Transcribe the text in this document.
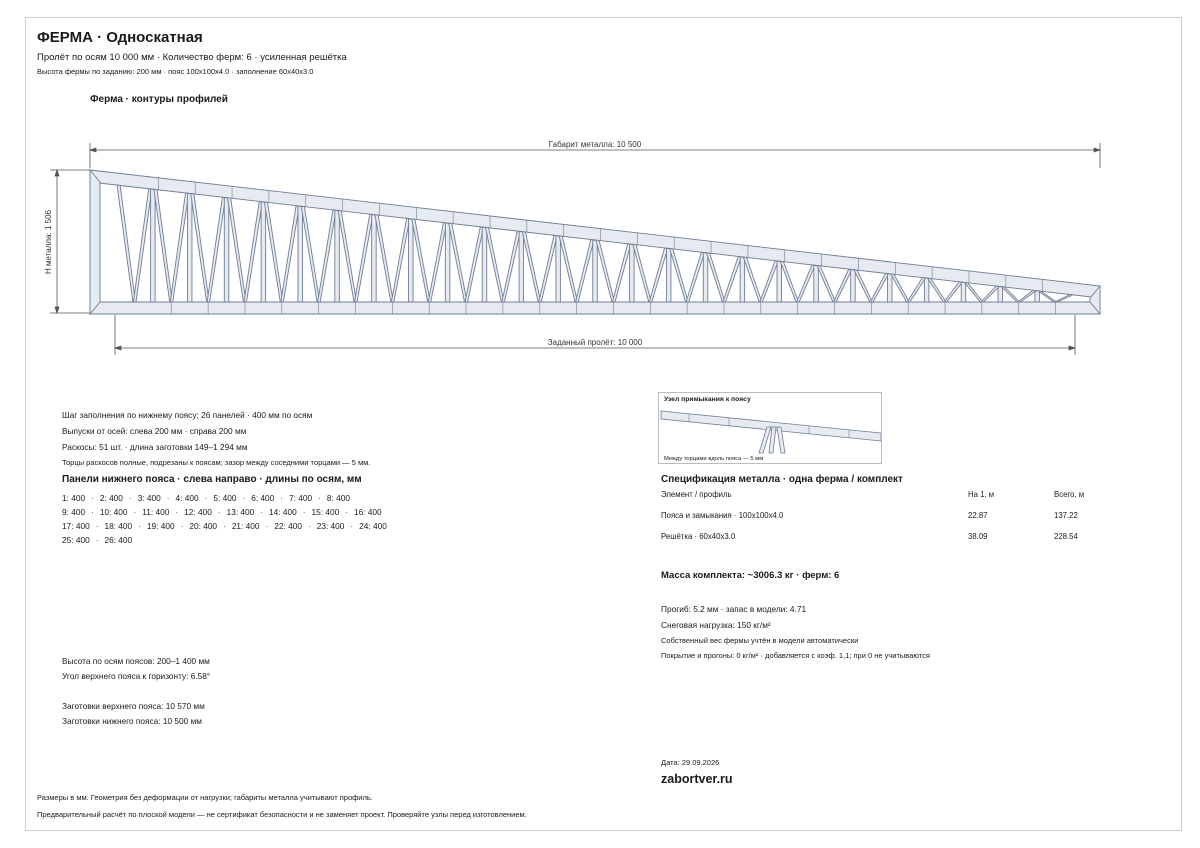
ФЕРМА · Односкатная
Пролёт по осям 10 000 мм · Количество ферм: 6 · усиленная решётка
Высота фермы по заданию: 200 мм · пояс 100x100x4.0 · заполнение 60x40x3.0
Ферма · контуры профилей
Габарит металла: 10 500
Заданный пролёт: 10 000
H металла: 1 506
Шаг заполнения по нижнему поясу: 26 панелей · 400 мм по осям
Выпуски от осей: слева 200 мм · справа 200 мм
Раскосы: 51 шт. · длина заготовки 149–1 294 мм
Торцы раскосов полные, подрезаны к поясам; зазор между соседними торцами — 5 мм.
Панели нижнего пояса · слева направо · длины по осям, мм
1: 400 · 2: 400 · 3: 400 · 4: 400 · 5: 400 · 6: 400 · 7: 400 · 8: 400
9: 400 · 10: 400 · 11: 400 · 12: 400 · 13: 400 · 14: 400 · 15: 400 · 16: 400
17: 400 · 18: 400 · 19: 400 · 20: 400 · 21: 400 · 22: 400 · 23: 400 · 24: 400
25: 400 · 26: 400
Высота по осям поясов: 200–1 400 мм
Угол верхнего пояса к горизонту: 6.58°
Заготовки верхнего пояса: 10 570 мм
Заготовки нижнего пояса: 10 500 мм
Узел примыкания к поясу
Между торцами вдоль пояса — 5 мм
Спецификация металла · одна ферма / комплект
Элемент / профиль	На 1, м	Всего, м
Пояса и замыкания · 100x100x4.0	22.87	137.22
Решётка · 60x40x3.0	38.09	228.54
Масса комплекта: ~3006.3 кг · ферм: 6
Прогиб: 5.2 мм · запас в модели: 4.71
Снеговая нагрузка: 150 кг/м²
Собственный вес фермы учтён в модели автоматически
Покрытие и прогоны: 0 кг/м² · добавляется с коэф. 1,1; при 0 не учитываются
Дата: 29.09.2026
zabortver.ru
Размеры в мм. Геометрия без деформации от нагрузки; габариты металла учитывают профиль.
Предварительный расчёт по плоской модели — не сертификат безопасности и не заменяет проект. Проверяйте узлы перед изготовлением.
